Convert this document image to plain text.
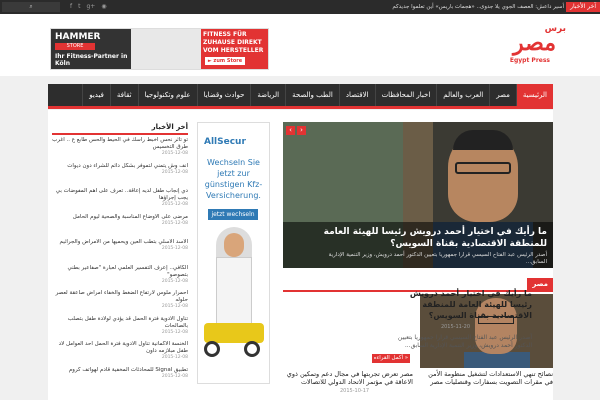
⌕	f t g+ ◉	أسير داعش: العصف الجوي يلا جدوى.. «هجمات باريس» أين تعلموا جديدكم	آخر الأخبار
HAMMER
STORE
Ihr Fitness-Partner in Köln
FITNESS FÜR ZUHAUSE DIREKT VOM HERSTELLER
► zum Store
برس
مصر
Egypt Press
الرئيسية
مصر
العرب والعالم
اخبار المحافظات
الاقتصاد
الطب والصحة
الرياضة
حوادث وقضايا
علوم وتكنولوجيا
ثقافة
فيديو
ما رأيك في اختيار أحمد درويش رئيسا للهيئة العامة للمنطقة الاقتصادية بقناة السويس؟
أصدر الرئيس عبد الفتاح السيسي قرارا جمهوريا بتعيين الدكتور أحمد درويش، وزير التنمية الإدارية السابق...
‹	›
مصر
ما رأيك في اختيار أحمد درويش رئيسا للهيئة العامة للمنطقة الاقتصادية بقناة السويس؟
2015-11-20
أصدر الرئيس عبد الفتاح السيسي قرارا جمهوريا بتعيين الدكتور أحمد درويش، وزير التنمية الإدارية السابق...
أكمل القراءه »
مصر تعرض تجربتها في مجال دعم وتمكين ذوي الاعاقة في مؤتمر الاتحاد الدولي للاتصالات
2015-10-17
نصائح تنهي الاستعدادات لتشغيل منظومة الأمن في مقرات التصويت بسفارات وقنصليات مصر
AllSecur
Wechseln Sie jetzt zur günstigen Kfz-Versicherung.
jetzt wechseln
أخر الأخبار
تو تاثر نحس أخبط رأسك في الحيط والحس طابع ع .. أغرب طرق التخسيس
2015-12-08
انف وش يتمني لتموفر بشكل دائم للشراء دون ديوات
2015-12-08
دي إنجاب طفل لديه إعاقة.. تعرف على أهم المفوضات بي يجب إجراؤها
2015-12-08
مرضى على الأوضاع المناسبة والصحية ليوم الحامل
2015-12-08
الأسد الأسلي بتطب العين ويحميها من الأمراض والجراثيم
2015-12-08
الكافي.. إعرف التفسير العلمي لعبارة "صفاعير بطني بتصوصو"
2015-12-08
احمرار ملوس لارتفاع الضغط والخفاء أمراض صاعقة لعصر حلوله
2015-12-08
تناول الأدوية فترة الحمل قد يؤدي لولادة طفل بتصلب بالصالحات
2015-12-08
الخنسة الأكمانية تناول الأدوية فترة الحمل أحد العوامل لاد طفل مبلازمه داون
2015-12-08
تطبيق Signal للمحادثات المخفية قادم لهواتف كروم
2015-12-08
